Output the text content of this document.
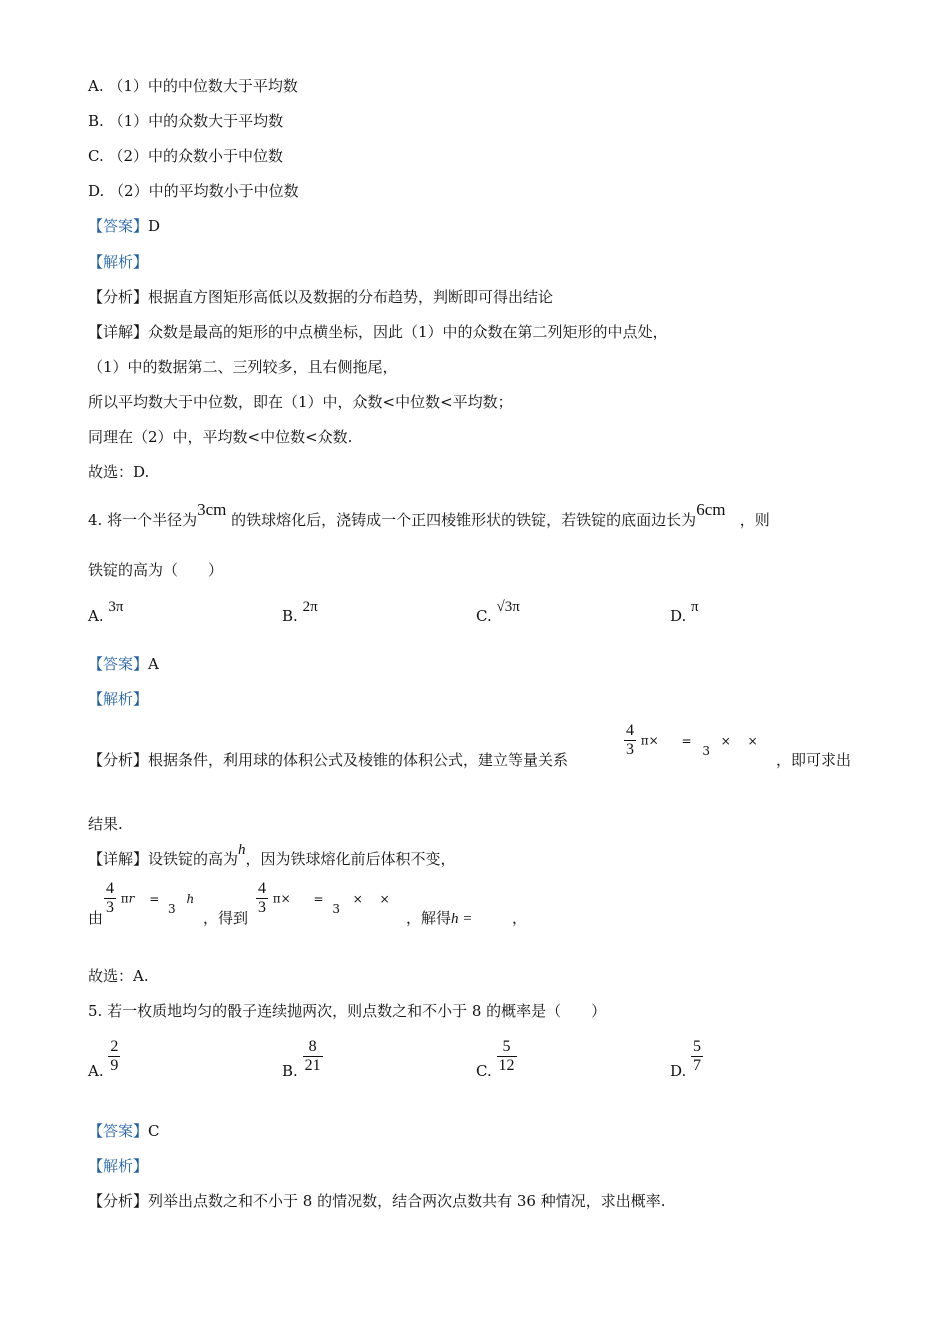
A. （1）中的中位数大于平均数
B. （1）中的众数大于平均数
C. （2）中的众数小于中位数
D. （2）中的平均数小于中位数
【答案】D
【解析】
【分析】根据直方图矩形高低以及数据的分布趋势，判断即可得出结论
【详解】众数是最高的矩形的中点横坐标，因此（1）中的众数在第二列矩形的中点处，
（1）中的数据第二、三列较多，且右侧拖尾，
所以平均数大于中位数，即在（1）中，众数<中位数<平均数；
同理在（2）中，平均数<中位数<众数.
故选：D.
4. 将一个半径为3cm 的铁球熔化后，浇铸成一个正四棱锥形状的铁锭，若铁锭的底面边长为6cm   ，则
铁锭的高为（　　）
A. 3π	B. 2π	C. √3π	D. π
【答案】A
【解析】
【分析】根据条件，利用球的体积公式及棱锥的体积公式，建立等量关系
$\frac{4}{3} \pi\times = _3$ × ×
，即可求出
结果.
【详解】设铁锭的高为h，因为铁球熔化前后体积不变，
由
$\frac{4}{3}$ πr = $_3$ h
，得到
$\frac{4}{3} \pi\times = _3$ × ×
，解得h =	，
故选：A.
5. 若一枚质地均匀的骰子连续抛两次，则点数之和不小于 8 的概率是（　　）
A. $\frac{2}{9}$	B. $\frac{8}{21}$	C. $\frac{5}{12}$	D. $\frac{5}{7}$
【答案】C
【解析】
【分析】列举出点数之和不小于 8 的情况数，结合两次点数共有 36 种情况，求出概率.
